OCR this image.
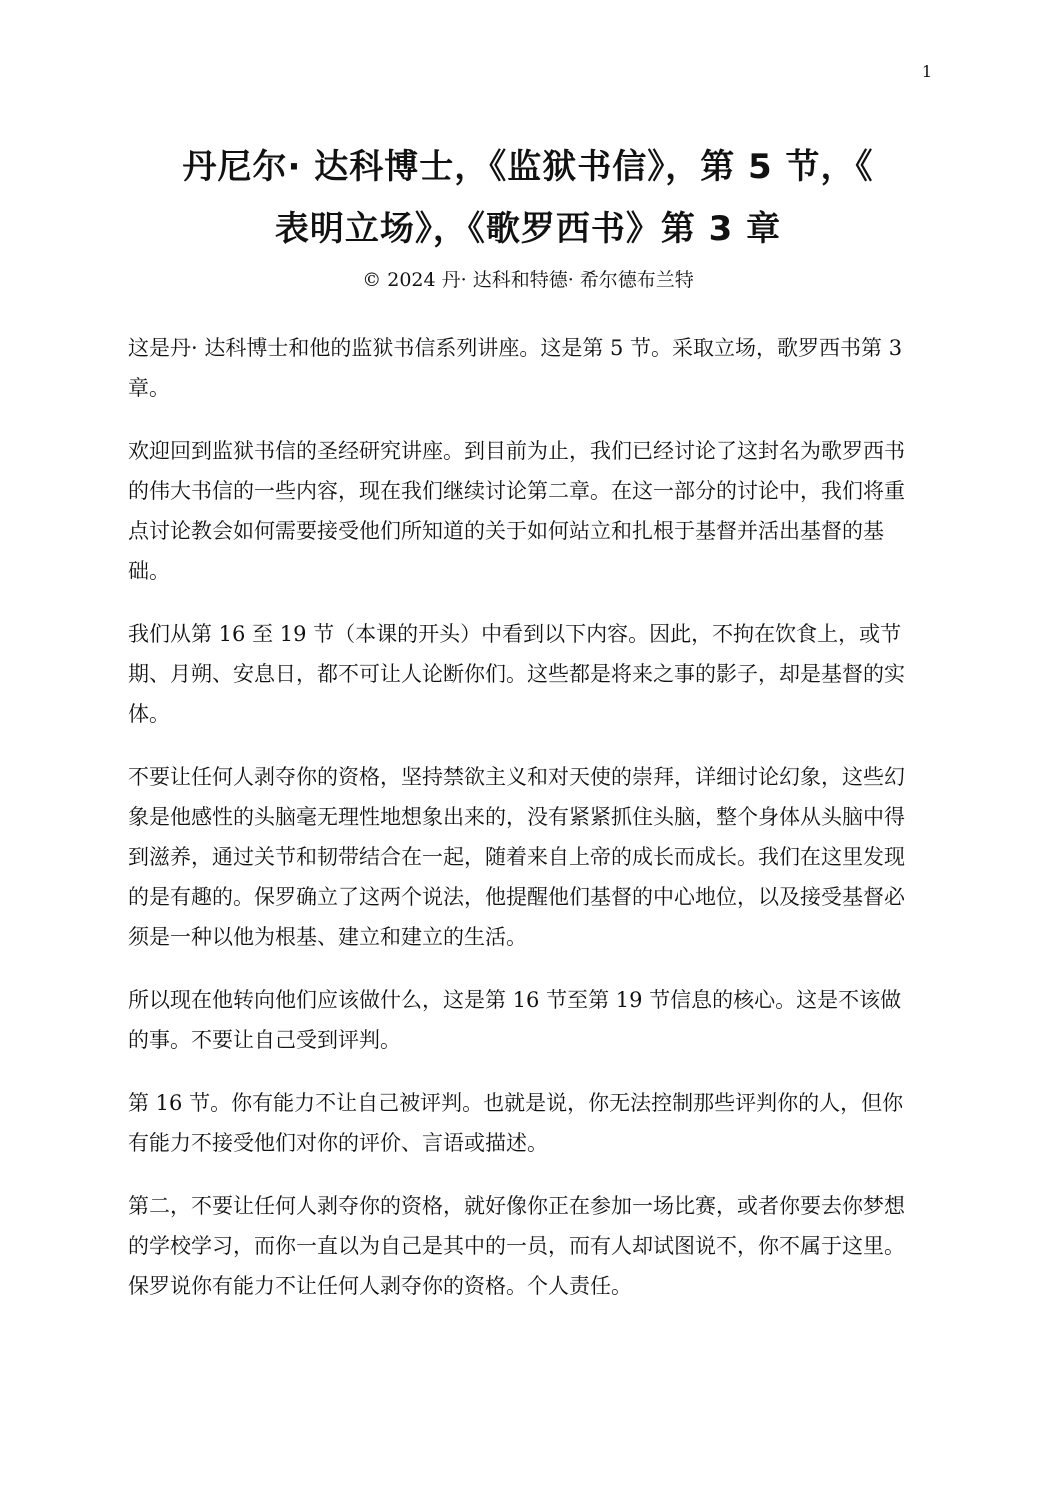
1
丹尼尔· 达科博士，《监狱书信》，第 5 节，《
表明立场》，《歌罗西书》第 3 章
© 2024 丹· 达科和特德· 希尔德布兰特

这是丹· 达科博士和他的监狱书信系列讲座。这是第 5 节。采取立场，歌罗西书第 3 章。

欢迎回到监狱书信的圣经研究讲座。到目前为止，我们已经讨论了这封名为歌罗西书的伟大书信的一些内容，现在我们继续讨论第二章。在这一部分的讨论中，我们将重点讨论教会如何需要接受他们所知道的关于如何站立和扎根于基督并活出基督的基础。

我们从第 16 至 19 节（本课的开头）中看到以下内容。因此，不拘在饮食上，或节期、月朔、安息日，都不可让人论断你们。这些都是将来之事的影子，却是基督的实体。

不要让任何人剥夺你的资格，坚持禁欲主义和对天使的崇拜，详细讨论幻象，这些幻象是他感性的头脑毫无理性地想象出来的，没有紧紧抓住头脑，整个身体从头脑中得到滋养，通过关节和韧带结合在一起，随着来自上帝的成长而成长。我们在这里发现的是有趣的。保罗确立了这两个说法，他提醒他们基督的中心地位，以及接受基督必须是一种以他为根基、建立和建立的生活。

所以现在他转向他们应该做什么，这是第 16 节至第 19 节信息的核心。这是不该做的事。不要让自己受到评判。

第 16 节。你有能力不让自己被评判。也就是说，你无法控制那些评判你的人，但你有能力不接受他们对你的评价、言语或描述。

第二，不要让任何人剥夺你的资格，就好像你正在参加一场比赛，或者你要去你梦想的学校学习，而你一直以为自己是其中的一员，而有人却试图说不，你不属于这里。保罗说你有能力不让任何人剥夺你的资格。个人责任。
